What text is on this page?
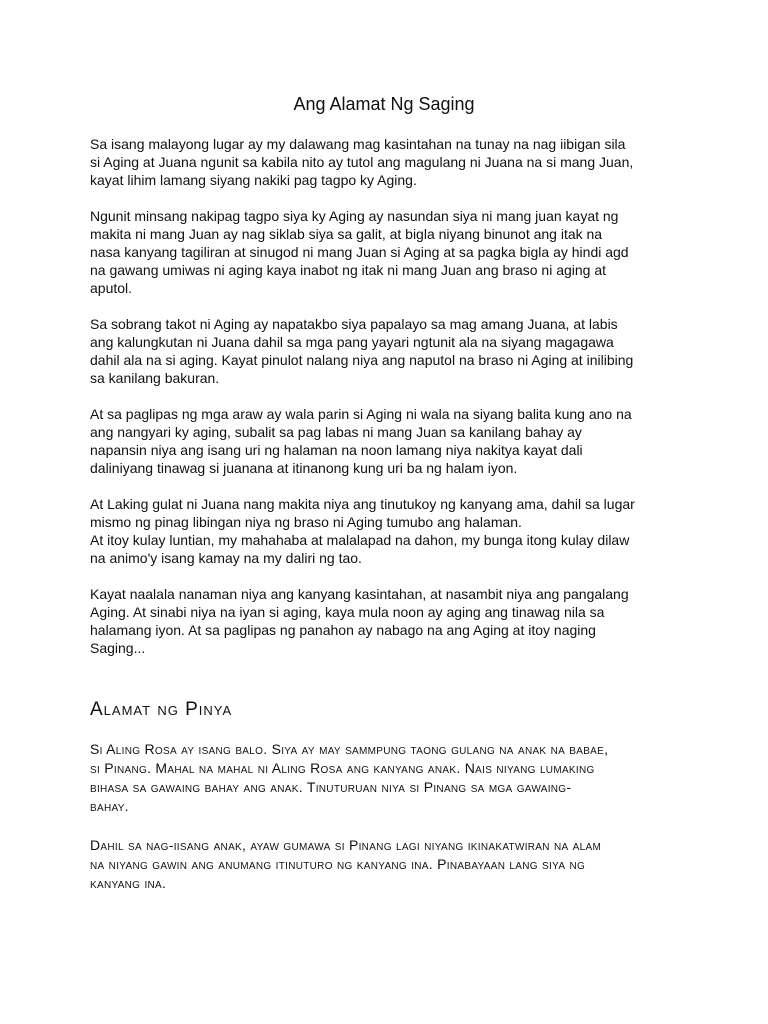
Ang Alamat Ng Saging

Sa isang malayong lugar ay my dalawang mag kasintahan na tunay na nag iibigan sila
si Aging at Juana ngunit sa kabila nito ay tutol ang magulang ni Juana na si mang Juan,
kayat lihim lamang siyang nakiki pag tagpo ky Aging.

Ngunit minsang nakipag tagpo siya ky Aging ay nasundan siya ni mang juan kayat ng
makita ni mang Juan ay nag siklab siya sa galit, at bigla niyang binunot ang itak na
nasa kanyang tagiliran at sinugod ni mang Juan si Aging at sa pagka bigla ay hindi agd
na gawang umiwas ni aging kaya inabot ng itak ni mang Juan ang braso ni aging at
aputol.

Sa sobrang takot ni Aging ay napatakbo siya papalayo sa mag amang Juana, at labis
ang kalungkutan ni Juana dahil sa mga pang yayari ngtunit ala na siyang magagawa
dahil ala na si aging. Kayat pinulot nalang niya ang naputol na braso ni Aging at inilibing
sa kanilang bakuran.

At sa paglipas ng mga araw ay wala parin si Aging ni wala na siyang balita kung ano na
ang nangyari ky aging, subalit sa pag labas ni mang Juan sa kanilang bahay ay
napansin niya ang isang uri ng halaman na noon lamang niya nakitya kayat dali
daliniyang tinawag si juanana at itinanong kung uri ba ng halam iyon.

At Laking gulat ni Juana nang makita niya ang tinutukoy ng kanyang ama, dahil sa lugar
mismo ng pinag libingan niya ng braso ni Aging tumubo ang halaman.
At itoy kulay luntian, my mahahaba at malalapad na dahon, my bunga itong kulay dilaw
na animo'y isang kamay na my daliri ng tao.

Kayat naalala nanaman niya ang kanyang kasintahan, at nasambit niya ang pangalang
Aging. At sinabi niya na iyan si aging, kaya mula noon ay aging ang tinawag nila sa
halamang iyon. At sa paglipas ng panahon ay nabago na ang Aging at itoy naging
Saging...

Alamat ng Pinya

Si Aling Rosa ay isang balo. Siya ay may sammpung taong gulang na anak na babae,
si Pinang. Mahal na mahal ni Aling Rosa ang kanyang anak. Nais niyang lumaking
bihasa sa gawaing bahay ang anak. Tinuturuan niya si Pinang sa mga gawaing-
bahay.

Dahil sa nag-iisang anak, ayaw gumawa si Pinang lagi niyang ikinakatwiran na alam
na niyang gawin ang anumang itinuturo ng kanyang ina. Pinabayaan lang siya ng
kanyang ina.
